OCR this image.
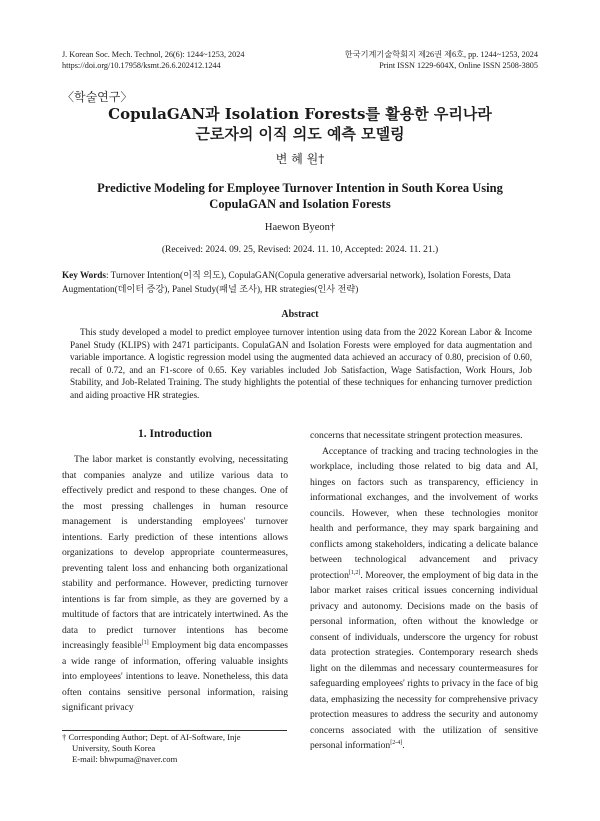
J. Korean Soc. Mech. Technol, 26(6): 1244~1253, 2024
https://doi.org/10.17958/ksmt.26.6.202412.1244
한국기계기술학회지 제26권 제6호, pp. 1244~1253, 2024
Print ISSN 1229-604X, Online ISSN 2508-3805
〈학술연구〉
CopulaGAN과 Isolation Forests를 활용한 우리나라
근로자의 이직 의도 예측 모델링
변 혜 원†
Predictive Modeling for Employee Turnover Intention in South Korea Using
CopulaGAN and Isolation Forests
Haewon Byeon†
(Received: 2024. 09. 25, Revised: 2024. 11. 10, Accepted: 2024. 11. 21.)
Key Words: Turnover Intention(이직 의도), CopulaGAN(Copula generative adversarial network), Isolation Forests, Data Augmentation(데이터 증강), Panel Study(패널 조사), HR strategies(인사 전략)
Abstract
This study developed a model to predict employee turnover intention using data from the 2022 Korean Labor & Income Panel Study (KLIPS) with 2471 participants. CopulaGAN and Isolation Forests were employed for data augmentation and variable importance. A logistic regression model using the augmented data achieved an accuracy of 0.80, precision of 0.60, recall of 0.72, and an F1-score of 0.65. Key variables included Job Satisfaction, Wage Satisfaction, Work Hours, Job Stability, and Job-Related Training. The study highlights the potential of these techniques for enhancing turnover prediction and aiding proactive HR strategies.
1. Introduction
The labor market is constantly evolving, necessitating that companies analyze and utilize various data to effectively predict and respond to these changes. One of the most pressing challenges in human resource management is understanding employees' turnover intentions. Early prediction of these intentions allows organizations to develop appropriate countermeasures, preventing talent loss and enhancing both organizational stability and performance. However, predicting turnover intentions is far from simple, as they are governed by a multitude of factors that are intricately intertwined. As the data to predict turnover intentions has become increasingly feasible[1] Employment big data encompasses a wide range of information, offering valuable insights into employees' intentions to leave. Nonetheless, this data often contains sensitive personal information, raising significant privacy
concerns that necessitate stringent protection measures.
Acceptance of tracking and tracing technologies in the workplace, including those related to big data and AI, hinges on factors such as transparency, efficiency in informational exchanges, and the involvement of works councils. However, when these technologies monitor health and performance, they may spark bargaining and conflicts among stakeholders, indicating a delicate balance between technological advancement and privacy protection[1,2]. Moreover, the employment of big data in the labor market raises critical issues concerning individual privacy and autonomy. Decisions made on the basis of personal information, often without the knowledge or consent of individuals, underscore the urgency for robust data protection strategies. Contemporary research sheds light on the dilemmas and necessary countermeasures for safeguarding employees' rights to privacy in the face of big data, emphasizing the necessity for comprehensive privacy protection measures to address the security and autonomy concerns associated with the utilization of sensitive personal information[2-4].
† Corresponding Author; Dept. of AI-Software, Inje
University, South Korea
E-mail: bhwpuma@naver.com
